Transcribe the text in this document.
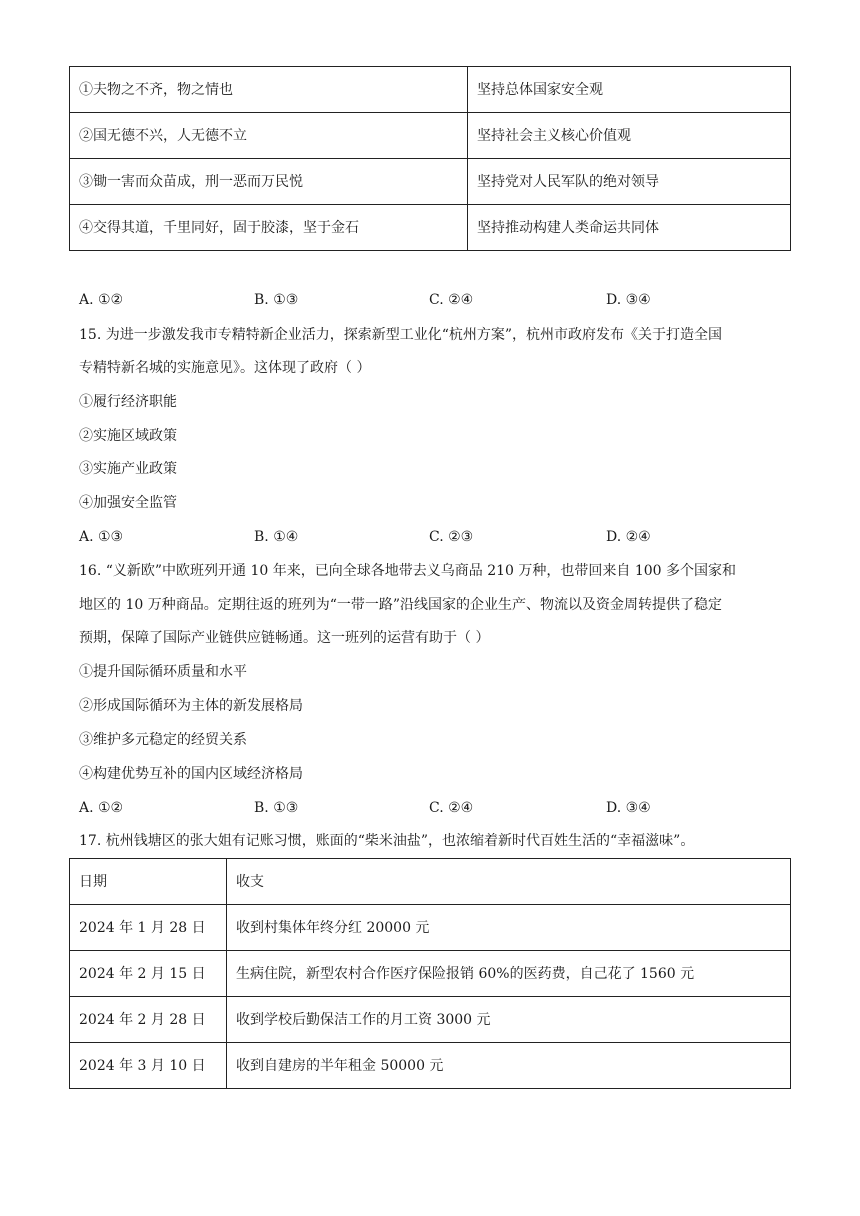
①夫物之不齐，物之情也	坚持总体国家安全观
②国无德不兴，人无德不立	坚持社会主义核心价值观
③锄一害而众苗成，刑一恶而万民悦	坚持党对人民军队的绝对领导
④交得其道，千里同好，固于胶漆，坚于金石	坚持推动构建人类命运共同体
A. ①②	B. ①③	C. ②④	D. ③④
15. 为进一步激发我市专精特新企业活力，探索新型工业化“杭州方案”，杭州市政府发布《关于打造全国
专精特新名城的实施意见》。这体现了政府（ ）
①履行经济职能
②实施区域政策
③实施产业政策
④加强安全监管
A. ①③	B. ①④	C. ②③	D. ②④
16. “义新欧”中欧班列开通 10 年来，已向全球各地带去义乌商品 210 万种，也带回来自 100 多个国家和
地区的 10 万种商品。定期往返的班列为“一带一路”沿线国家的企业生产、物流以及资金周转提供了稳定
预期，保障了国际产业链供应链畅通。这一班列的运营有助于（ ）
①提升国际循环质量和水平
②形成国际循环为主体的新发展格局
③维护多元稳定的经贸关系
④构建优势互补的国内区域经济格局
A. ①②	B. ①③	C. ②④	D. ③④
17. 杭州钱塘区的张大姐有记账习惯，账面的“柴米油盐”，也浓缩着新时代百姓生活的“幸福滋味”。
日期	收支
2024 年 1 月 28 日	收到村集体年终分红 20000 元
2024 年 2 月 15 日	生病住院，新型农村合作医疗保险报销 60%的医药费，自己花了 1560 元
2024 年 2 月 28 日	收到学校后勤保洁工作的月工资 3000 元
2024 年 3 月 10 日	收到自建房的半年租金 50000 元
